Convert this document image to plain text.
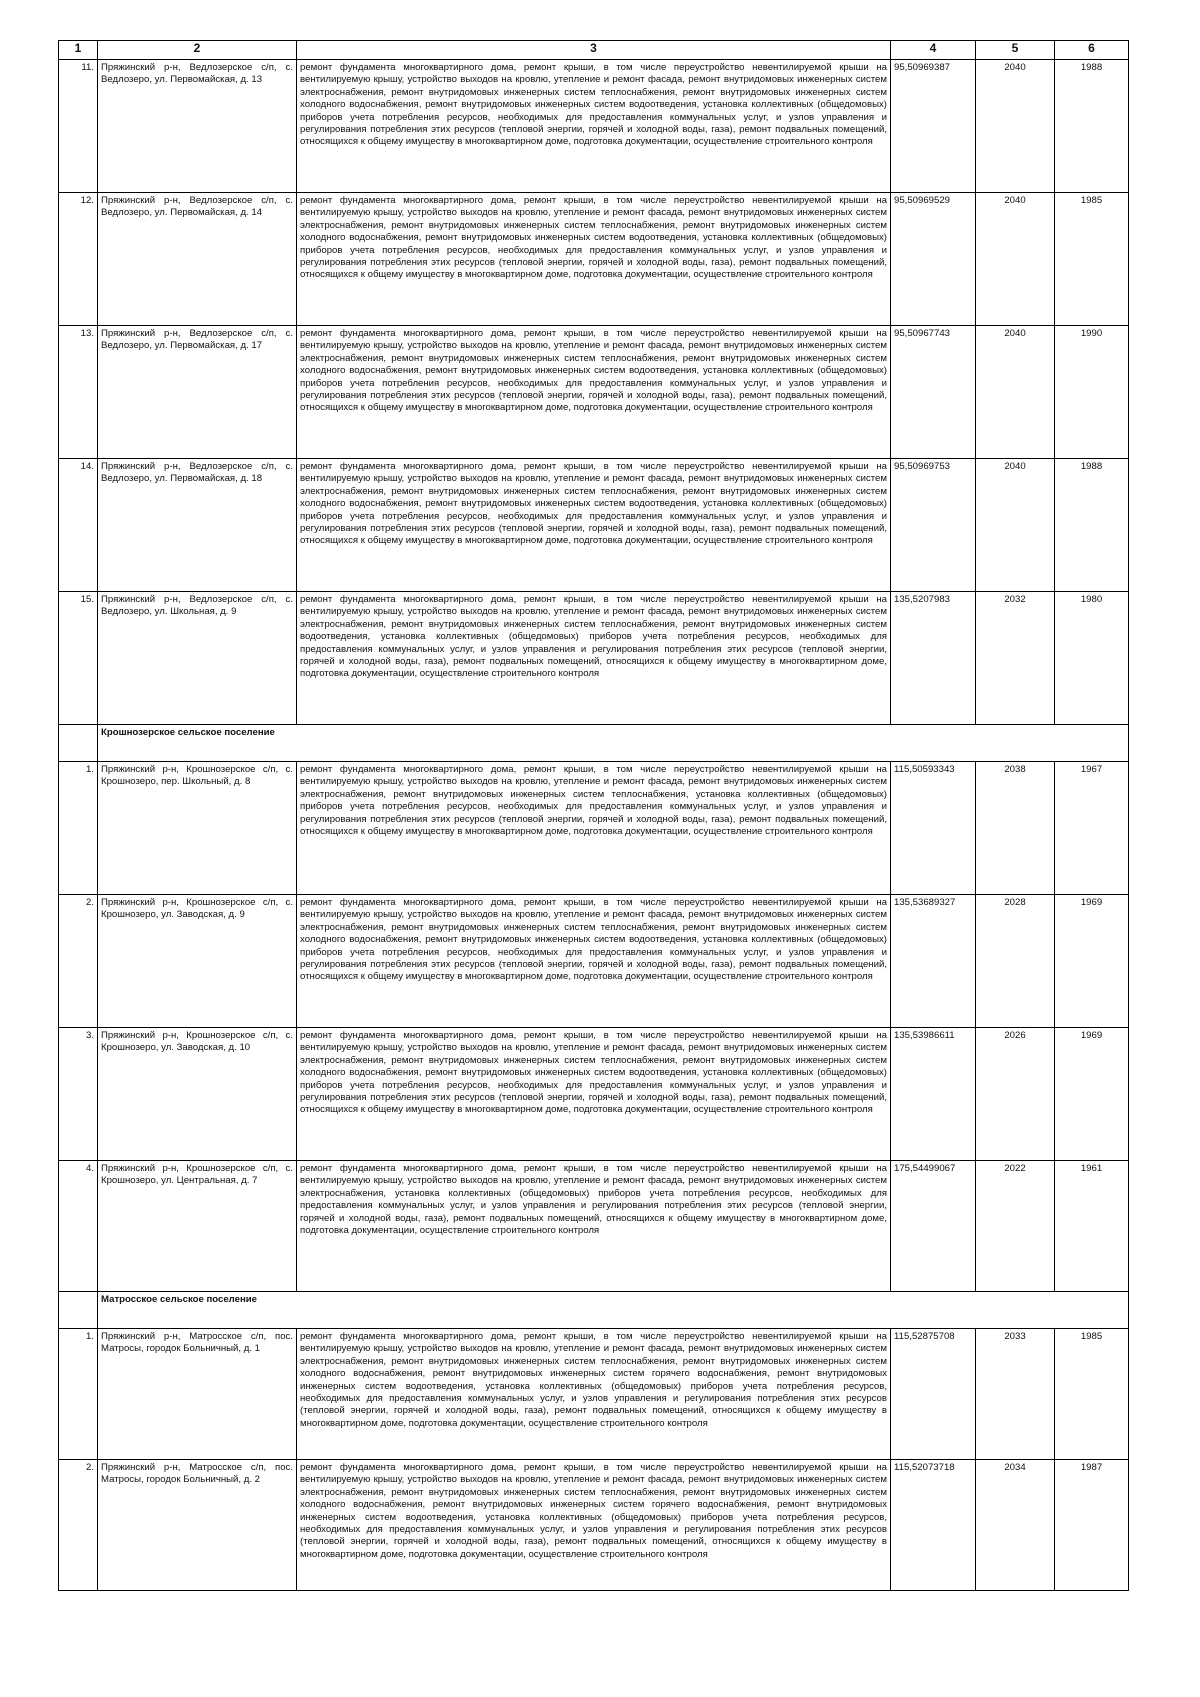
1	2	3	4	5	6
11.	Пряжинский р-н, Ведлозерское с/п, с. Ведлозеро, ул. Первомайская, д. 13	ремонт фундамента многоквартирного дома, ремонт крыши, в том числе переустройство невентилируемой крыши на вентилируемую крышу, устройство выходов на кровлю, утепление и ремонт фасада, ремонт внутридомовых инженерных систем электроснабжения, ремонт внутридомовых инженерных систем теплоснабжения, ремонт внутридомовых инженерных систем холодного водоснабжения, ремонт внутридомовых инженерных систем водоотведения, установка коллективных (общедомовых) приборов учета потребления ресурсов, необходимых для предоставления коммунальных услуг, и узлов управления и регулирования потребления этих ресурсов (тепловой энергии, горячей и холодной воды, газа), ремонт подвальных помещений, относящихся к общему имуществу в многоквартирном доме, подготовка документации, осуществление строительного контроля	95,50969387	2040	1988
12.	Пряжинский р-н, Ведлозерское с/п, с. Ведлозеро, ул. Первомайская, д. 14	ремонт фундамента многоквартирного дома, ремонт крыши, в том числе переустройство невентилируемой крыши на вентилируемую крышу, устройство выходов на кровлю, утепление и ремонт фасада, ремонт внутридомовых инженерных систем электроснабжения, ремонт внутридомовых инженерных систем теплоснабжения, ремонт внутридомовых инженерных систем холодного водоснабжения, ремонт внутридомовых инженерных систем водоотведения, установка коллективных (общедомовых) приборов учета потребления ресурсов, необходимых для предоставления коммунальных услуг, и узлов управления и регулирования потребления этих ресурсов (тепловой энергии, горячей и холодной воды, газа), ремонт подвальных помещений, относящихся к общему имуществу в многоквартирном доме, подготовка документации, осуществление строительного контроля	95,50969529	2040	1985
13.	Пряжинский р-н, Ведлозерское с/п, с. Ведлозеро, ул. Первомайская, д. 17	ремонт фундамента многоквартирного дома, ремонт крыши, в том числе переустройство невентилируемой крыши на вентилируемую крышу, устройство выходов на кровлю, утепление и ремонт фасада, ремонт внутридомовых инженерных систем электроснабжения, ремонт внутридомовых инженерных систем теплоснабжения, ремонт внутридомовых инженерных систем холодного водоснабжения, ремонт внутридомовых инженерных систем водоотведения, установка коллективных (общедомовых) приборов учета потребления ресурсов, необходимых для предоставления коммунальных услуг, и узлов управления и регулирования потребления этих ресурсов (тепловой энергии, горячей и холодной воды, газа), ремонт подвальных помещений, относящихся к общему имуществу в многоквартирном доме, подготовка документации, осуществление строительного контроля	95,50967743	2040	1990
14.	Пряжинский р-н, Ведлозерское с/п, с. Ведлозеро, ул. Первомайская, д. 18	ремонт фундамента многоквартирного дома, ремонт крыши, в том числе переустройство невентилируемой крыши на вентилируемую крышу, устройство выходов на кровлю, утепление и ремонт фасада, ремонт внутридомовых инженерных систем электроснабжения, ремонт внутридомовых инженерных систем теплоснабжения, ремонт внутридомовых инженерных систем холодного водоснабжения, ремонт внутридомовых инженерных систем водоотведения, установка коллективных (общедомовых) приборов учета потребления ресурсов, необходимых для предоставления коммунальных услуг, и узлов управления и регулирования потребления этих ресурсов (тепловой энергии, горячей и холодной воды, газа), ремонт подвальных помещений, относящихся к общему имуществу в многоквартирном доме, подготовка документации, осуществление строительного контроля	95,50969753	2040	1988
15.	Пряжинский р-н, Ведлозерское с/п, с. Ведлозеро, ул. Школьная, д. 9	ремонт фундамента многоквартирного дома, ремонт крыши, в том числе переустройство невентилируемой крыши на вентилируемую крышу, устройство выходов на кровлю, утепление и ремонт фасада, ремонт внутридомовых инженерных систем электроснабжения, ремонт внутридомовых инженерных систем теплоснабжения, ремонт внутридомовых инженерных систем водоотведения, установка коллективных (общедомовых) приборов учета потребления ресурсов, необходимых для предоставления коммунальных услуг, и узлов управления и регулирования потребления этих ресурсов (тепловой энергии, горячей и холодной воды, газа), ремонт подвальных помещений, относящихся к общему имуществу в многоквартирном доме, подготовка документации, осуществление строительного контроля	135,5207983	2032	1980
	Крошнозерское сельское поселение				
1.	Пряжинский р-н, Крошнозерское с/п, с. Крошнозеро, пер. Школьный, д. 8	ремонт фундамента многоквартирного дома, ремонт крыши, в том числе переустройство невентилируемой крыши на вентилируемую крышу, устройство выходов на кровлю, утепление и ремонт фасада, ремонт внутридомовых инженерных систем электроснабжения, ремонт внутридомовых инженерных систем теплоснабжения, установка коллективных (общедомовых) приборов учета потребления ресурсов, необходимых для предоставления коммунальных услуг, и узлов управления и регулирования потребления этих ресурсов (тепловой энергии, горячей и холодной воды, газа), ремонт подвальных помещений, относящихся к общему имуществу в многоквартирном доме, подготовка документации, осуществление строительного контроля	115,50593343	2038	1967
2.	Пряжинский р-н, Крошнозерское с/п, с. Крошнозеро, ул. Заводская, д. 9	ремонт фундамента многоквартирного дома, ремонт крыши, в том числе переустройство невентилируемой крыши на вентилируемую крышу, устройство выходов на кровлю, утепление и ремонт фасада, ремонт внутридомовых инженерных систем электроснабжения, ремонт внутридомовых инженерных систем теплоснабжения, ремонт внутридомовых инженерных систем холодного водоснабжения, ремонт внутридомовых инженерных систем водоотведения, установка коллективных (общедомовых) приборов учета потребления ресурсов, необходимых для предоставления коммунальных услуг, и узлов управления и регулирования потребления этих ресурсов (тепловой энергии, горячей и холодной воды, газа), ремонт подвальных помещений, относящихся к общему имуществу в многоквартирном доме, подготовка документации, осуществление строительного контроля	135,53689327	2028	1969
3.	Пряжинский р-н, Крошнозерское с/п, с. Крошнозеро, ул. Заводская, д. 10	ремонт фундамента многоквартирного дома, ремонт крыши, в том числе переустройство невентилируемой крыши на вентилируемую крышу, устройство выходов на кровлю, утепление и ремонт фасада, ремонт внутридомовых инженерных систем электроснабжения, ремонт внутридомовых инженерных систем теплоснабжения, ремонт внутридомовых инженерных систем холодного водоснабжения, ремонт внутридомовых инженерных систем водоотведения, установка коллективных (общедомовых) приборов учета потребления ресурсов, необходимых для предоставления коммунальных услуг, и узлов управления и регулирования потребления этих ресурсов (тепловой энергии, горячей и холодной воды, газа), ремонт подвальных помещений, относящихся к общему имуществу в многоквартирном доме, подготовка документации, осуществление строительного контроля	135,53986611	2026	1969
4.	Пряжинский р-н, Крошнозерское с/п, с. Крошнозеро, ул. Центральная, д. 7	ремонт фундамента многоквартирного дома, ремонт крыши, в том числе переустройство невентилируемой крыши на вентилируемую крышу, устройство выходов на кровлю, утепление и ремонт фасада, ремонт внутридомовых инженерных систем электроснабжения, установка коллективных (общедомовых) приборов учета потребления ресурсов, необходимых для предоставления коммунальных услуг, и узлов управления и регулирования потребления этих ресурсов (тепловой энергии, горячей и холодной воды, газа), ремонт подвальных помещений, относящихся к общему имуществу в многоквартирном доме, подготовка документации, осуществление строительного контроля	175,54499067	2022	1961
	Матросское сельское поселение				
1.	Пряжинский р-н, Матросское с/п, пос. Матросы, городок Больничный, д. 1	ремонт фундамента многоквартирного дома, ремонт крыши, в том числе переустройство невентилируемой крыши на вентилируемую крышу, устройство выходов на кровлю, утепление и ремонт фасада, ремонт внутридомовых инженерных систем электроснабжения, ремонт внутридомовых инженерных систем теплоснабжения, ремонт внутридомовых инженерных систем холодного водоснабжения, ремонт внутридомовых инженерных систем горячего водоснабжения, ремонт внутридомовых инженерных систем водоотведения, установка коллективных (общедомовых) приборов учета потребления ресурсов, необходимых для предоставления коммунальных услуг, и узлов управления и регулирования потребления этих ресурсов (тепловой энергии, горячей и холодной воды, газа), ремонт подвальных помещений, относящихся к общему имуществу в многоквартирном доме, подготовка документации, осуществление строительного контроля	115,52875708	2033	1985
2.	Пряжинский р-н, Матросское с/п, пос. Матросы, городок Больничный, д. 2	ремонт фундамента многоквартирного дома, ремонт крыши, в том числе переустройство невентилируемой крыши на вентилируемую крышу, устройство выходов на кровлю, утепление и ремонт фасада, ремонт внутридомовых инженерных систем электроснабжения, ремонт внутридомовых инженерных систем теплоснабжения, ремонт внутридомовых инженерных систем холодного водоснабжения, ремонт внутридомовых инженерных систем горячего водоснабжения, ремонт внутридомовых инженерных систем водоотведения, установка коллективных (общедомовых) приборов учета потребления ресурсов, необходимых для предоставления коммунальных услуг, и узлов управления и регулирования потребления этих ресурсов (тепловой энергии, горячей и холодной воды, газа), ремонт подвальных помещений, относящихся к общему имуществу в многоквартирном доме, подготовка документации, осуществление строительного контроля	115,52073718	2034	1987
